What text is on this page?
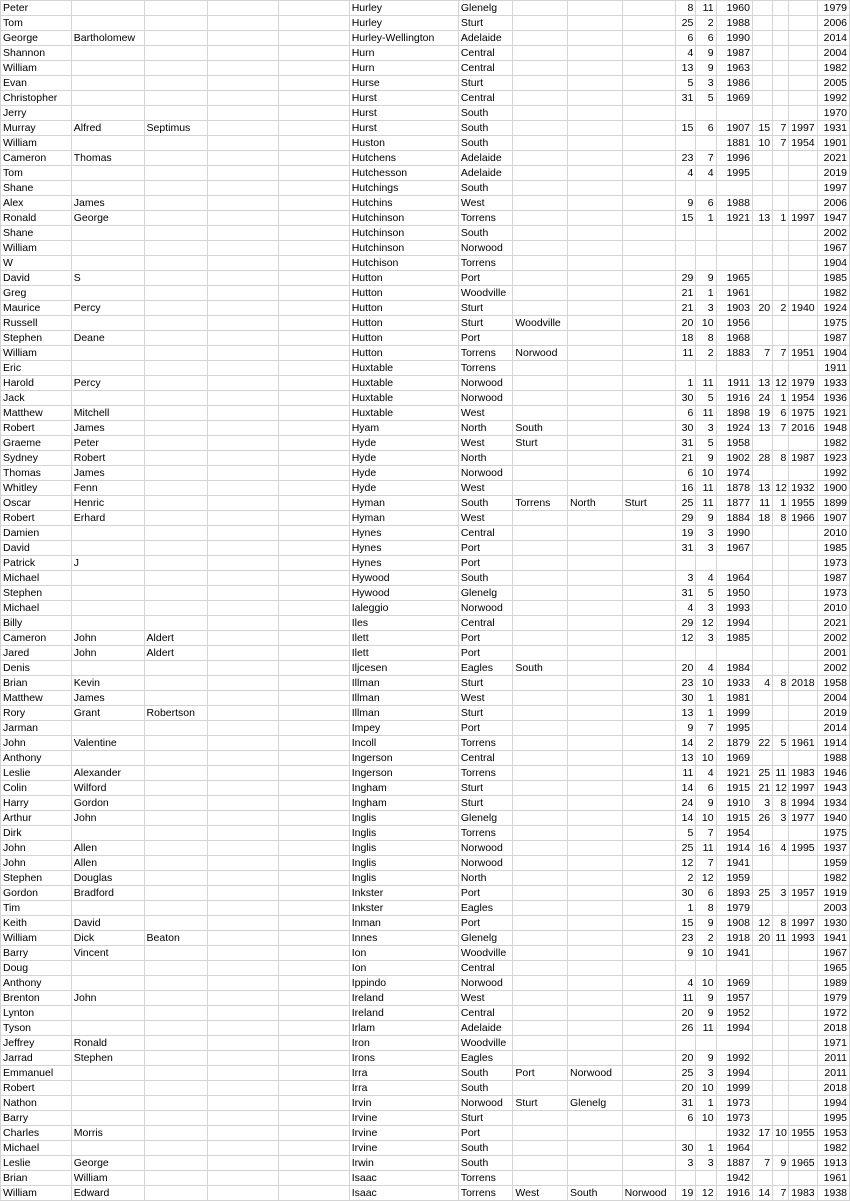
Peter					Hurley	Glenelg				8	11	1960				1979
Tom					Hurley	Sturt				25	2	1988				2006
George	Bartholomew				Hurley-Wellington	Adelaide				6	6	1990				2014
Shannon					Hurn	Central				4	9	1987				2004
William					Hurn	Central				13	9	1963				1982
Evan					Hurse	Sturt				5	3	1986				2005
Christopher					Hurst	Central				31	5	1969				1992
Jerry					Hurst	South										1970
Murray	Alfred	Septimus			Hurst	South				15	6	1907	15	7	1997	1931
William					Huston	South						1881	10	7	1954	1901
Cameron	Thomas				Hutchens	Adelaide				23	7	1996				2021
Tom					Hutchesson	Adelaide				4	4	1995				2019
Shane					Hutchings	South										1997
Alex	James				Hutchins	West				9	6	1988				2006
Ronald	George				Hutchinson	Torrens				15	1	1921	13	1	1997	1947
Shane					Hutchinson	South										2002
William					Hutchinson	Norwood										1967
W					Hutchison	Torrens										1904
David	S				Hutton	Port				29	9	1965				1985
Greg					Hutton	Woodville				21	1	1961				1982
Maurice	Percy				Hutton	Sturt				21	3	1903	20	2	1940	1924
Russell					Hutton	Sturt	Woodville			20	10	1956				1975
Stephen	Deane				Hutton	Port				18	8	1968				1987
William					Hutton	Torrens	Norwood			11	2	1883	7	7	1951	1904
Eric					Huxtable	Torrens										1911
Harold	Percy				Huxtable	Norwood				1	11	1911	13	12	1979	1933
Jack					Huxtable	Norwood				30	5	1916	24	1	1954	1936
Matthew	Mitchell				Huxtable	West				6	11	1898	19	6	1975	1921
Robert	James				Hyam	North	South			30	3	1924	13	7	2016	1948
Graeme	Peter				Hyde	West	Sturt			31	5	1958				1982
Sydney	Robert				Hyde	North				21	9	1902	28	8	1987	1923
Thomas	James				Hyde	Norwood				6	10	1974				1992
Whitley	Fenn				Hyde	West				16	11	1878	13	12	1932	1900
Oscar	Henric				Hyman	South	Torrens	North	Sturt	25	11	1877	11	1	1955	1899
Robert	Erhard				Hyman	West				29	9	1884	18	8	1966	1907
Damien					Hynes	Central				19	3	1990				2010
David					Hynes	Port				31	3	1967				1985
Patrick	J				Hynes	Port										1973
Michael					Hywood	South				3	4	1964				1987
Stephen					Hywood	Glenelg				31	5	1950				1973
Michael					Ialeggio	Norwood				4	3	1993				2010
Billy					Iles	Central				29	12	1994				2021
Cameron	John	Aldert			Ilett	Port				12	3	1985				2002
Jared	John	Aldert			Ilett	Port										2001
Denis					Iljcesen	Eagles	South			20	4	1984				2002
Brian	Kevin				Illman	Sturt				23	10	1933	4	8	2018	1958
Matthew	James				Illman	West				30	1	1981				2004
Rory	Grant	Robertson			Illman	Sturt				13	1	1999				2019
Jarman					Impey	Port				9	7	1995				2014
John	Valentine				Incoll	Torrens				14	2	1879	22	5	1961	1914
Anthony					Ingerson	Central				13	10	1969				1988
Leslie	Alexander				Ingerson	Torrens				11	4	1921	25	11	1983	1946
Colin	Wilford				Ingham	Sturt				14	6	1915	21	12	1997	1943
Harry	Gordon				Ingham	Sturt				24	9	1910	3	8	1994	1934
Arthur	John				Inglis	Glenelg				14	10	1915	26	3	1977	1940
Dirk					Inglis	Torrens				5	7	1954				1975
John	Allen				Inglis	Norwood				25	11	1914	16	4	1995	1937
John	Allen				Inglis	Norwood				12	7	1941				1959
Stephen	Douglas				Inglis	North				2	12	1959				1982
Gordon	Bradford				Inkster	Port				30	6	1893	25	3	1957	1919
Tim					Inkster	Eagles				1	8	1979				2003
Keith	David				Inman	Port				15	9	1908	12	8	1997	1930
William	Dick	Beaton			Innes	Glenelg				23	2	1918	20	11	1993	1941
Barry	Vincent				Ion	Woodville				9	10	1941				1967
Doug					Ion	Central										1965
Anthony					Ippindo	Norwood				4	10	1969				1989
Brenton	John				Ireland	West				11	9	1957				1979
Lynton					Ireland	Central				20	9	1952				1972
Tyson					Irlam	Adelaide				26	11	1994				2018
Jeffrey	Ronald				Iron	Woodville										1971
Jarrad	Stephen				Irons	Eagles				20	9	1992				2011
Emmanuel					Irra	South	Port	Norwood		25	3	1994				2011
Robert					Irra	South				20	10	1999				2018
Nathon					Irvin	Norwood	Sturt	Glenelg		31	1	1973				1994
Barry					Irvine	Sturt				6	10	1973				1995
Charles	Morris				Irvine	Port						1932	17	10	1955	1953
Michael					Irvine	South				30	1	1964				1982
Leslie	George				Irwin	South				3	3	1887	7	9	1965	1913
Brian	William				Isaac	Torrens						1942				1961
William	Edward				Isaac	Torrens	West	South	Norwood	19	12	1916	14	7	1983	1938
